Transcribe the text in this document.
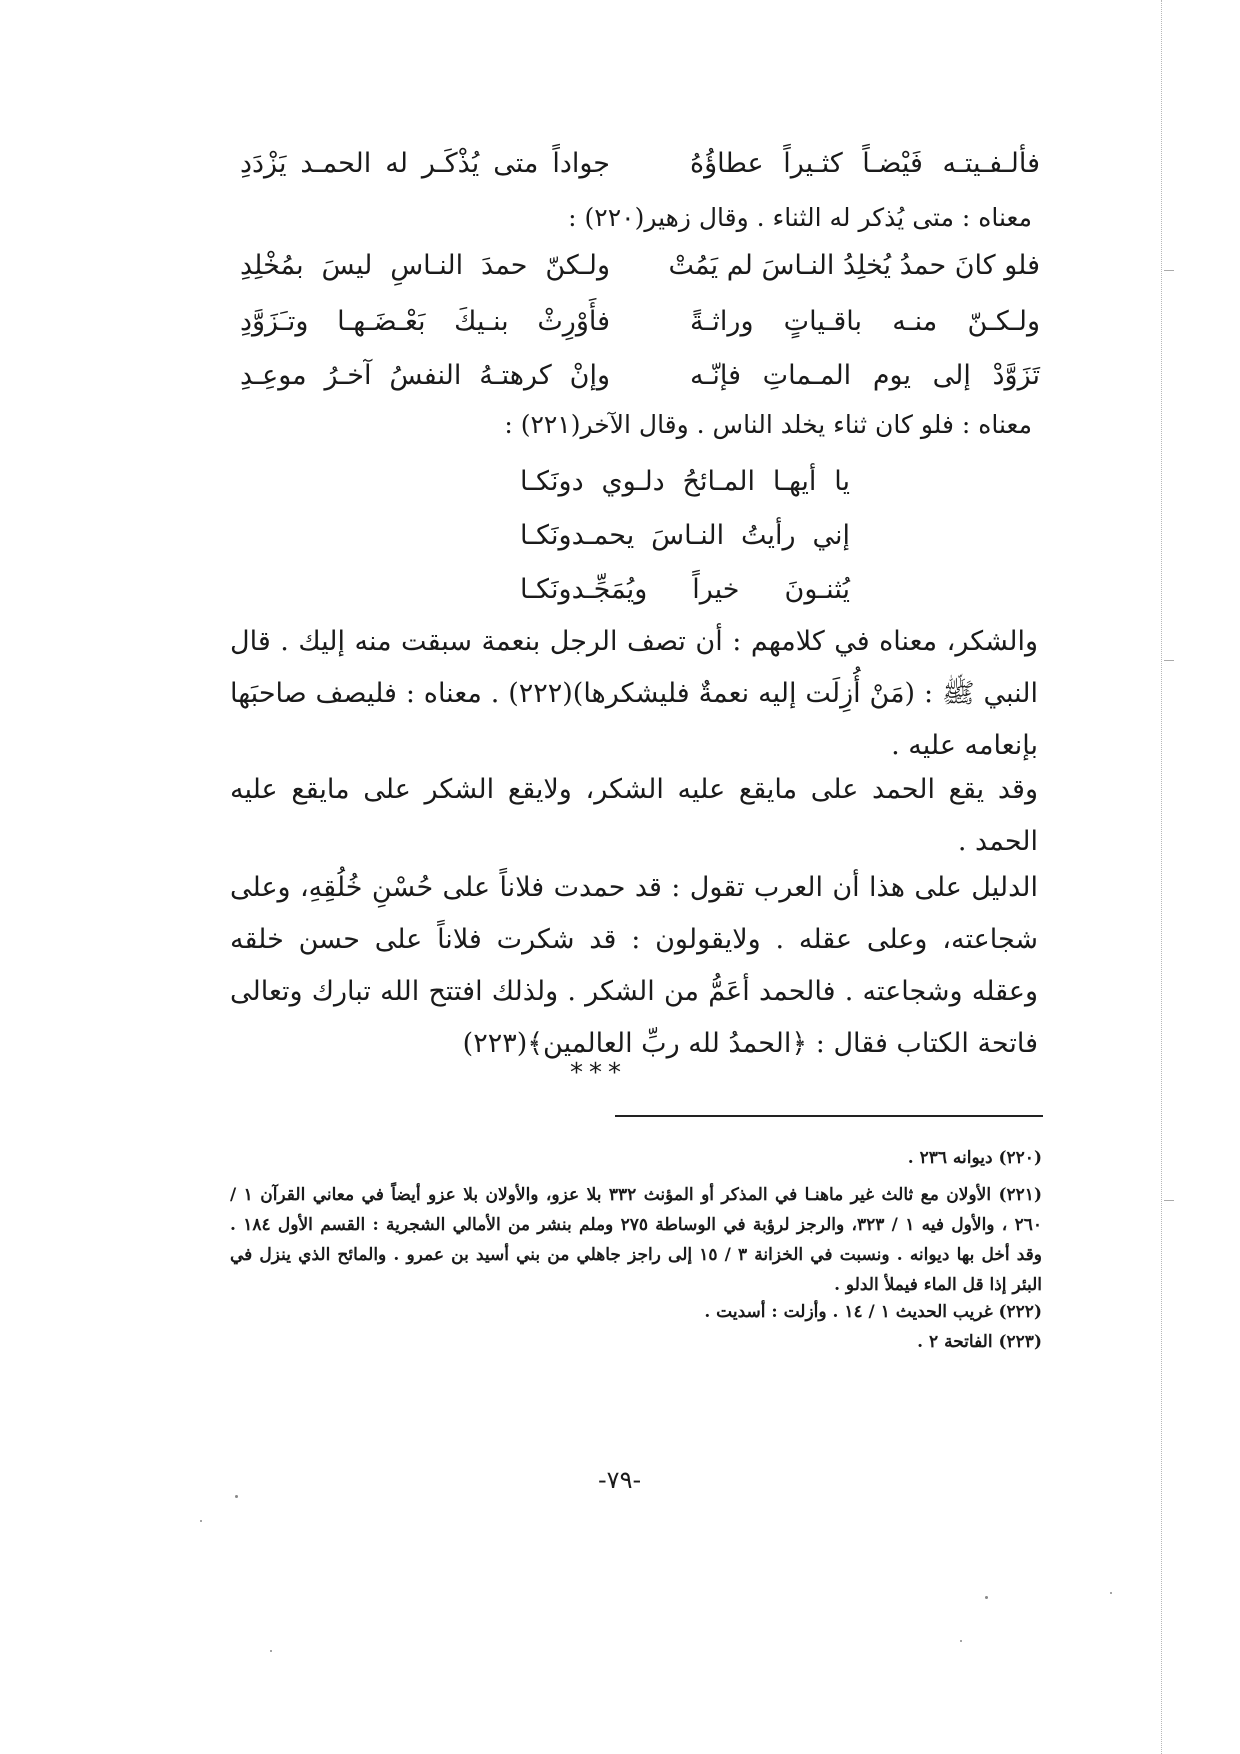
فألـفـيتـه فَيْضـاً كثـيراً عطاؤُهُ
جواداً متى يُذْكَـر له الحمـد يَزْدَدِ
معناه : متى يُذكر له الثناء . وقال زهير(٢٢٠) :
فلو كانَ حمدُ يُخلِدُ النـاسَ لم يَمُتْ
ولـكنّ حمدَ النـاسِ ليسَ بمُخْلِدِ
ولـكـنّ منـه باقـياتٍ وراثـةً
فأَوْرِثْ بنـيكَ بَعْـضَـهـا وتـَزَوَّدِ
تَزَوَّدْ إلى يوم المـماتِ فإنّـه
وإنْ كرهتـهُ النفسُ آخـرُ موعِـدِ
معناه : فلو كان ثناء يخلد الناس . وقال الآخر(٢٢١) :
يا أيهـا المـائحُ دلـوي دونَكـا
إني رأيتُ النـاسَ يحمـدونَكـا
يُثنـونَ خيراً ويُمَجِّـدونَكـا
والشكر، معناه في كلامهم : أن تصف الرجل بنعمة سبقت منه إليك . قال النبي ﷺ : (مَنْ أُزِلَت إليه نعمةٌ فليشكرها)(٢٢٢) . معناه : فليصف صاحبَها بإنعامه عليه .
وقد يقع الحمد على مايقع عليه الشكر، ولايقع الشكر على مايقع عليه الحمد .
الدليل على هذا أن العرب تقول : قد حمدت فلاناً على حُسْنِ خُلُقِهِ، وعلى شجاعته، وعلى عقله . ولايقولون : قد شكرت فلاناً على حسن خلقه وعقله وشجاعته . فالحمد أعَمُّ من الشكر . ولذلك افتتح الله تبارك وتعالى فاتحة الكتاب فقال : ﴿الحمدُ لله ربِّ العالمين﴾(٢٢٣)
***
(٢٢٠) ديوانه ٢٣٦ .
(٢٢١) الأولان مع ثالث غير ماهنـا في المذكر أو المؤنث ٣٣٢ بلا عزو، والأولان بلا عزو أيضاً في معاني القرآن ١ / ٢٦٠ ، والأول فيه ١ / ٣٢٣، والرجز لرؤبة في الوساطة ٢٧٥ وملم بنشر من الأمالي الشجرية : القسم الأول ١٨٤ . وقد أخل بها ديوانه . ونسبت في الخزانة ٣ / ١٥ إلى راجز جاهلي من بني أسيد بن عمرو . والمائح الذي ينزل في البئر إذا قل الماء فيملأ الدلو .
(٢٢٢) غريب الحديث ١ / ١٤ . وأزلت : أسديت .
(٢٢٣) الفاتحة ٢ .
-٧٩-
